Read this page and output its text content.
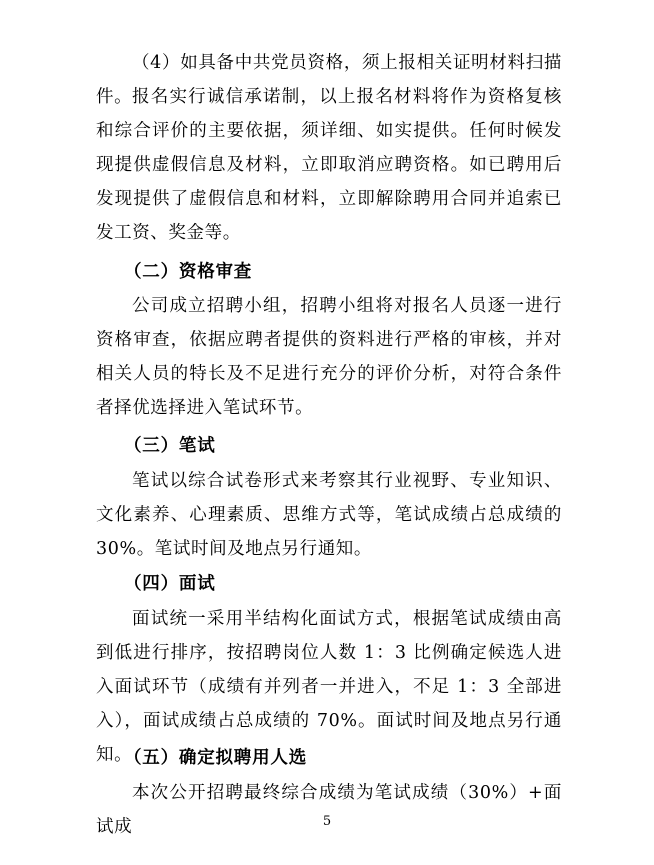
（4）如具备中共党员资格，须上报相关证明材料扫描件。 报名实行诚信承诺制，以上报名材料将作为资格复核和综合评价的主要依据，须详细、如实提供。任何时候发现提供虚假信息及材料，立即取消应聘资格。如已聘用后发现提供了虚假信息和材料，立即解除聘用合同并追索已发工资、奖金等。

（二）资格审查

公司成立招聘小组，招聘小组将对报名人员逐一进行资格审查，依据应聘者提供的资料进行严格的审核，并对相关人员的特长及不足进行充分的评价分析，对符合条件者择优选择进入笔试环节。

（三）笔试

笔试以综合试卷形式来考察其行业视野、专业知识、文化素养、心理素质、思维方式等，笔试成绩占总成绩的 30%。笔试时间及地点另行通知。

（四）面试

面试统一采用半结构化面试方式，根据笔试成绩由高到低进行排序，按招聘岗位人数 1：3 比例确定候选人进入面试环节（成绩有并列者一并进入，不足 1：3 全部进入），面试成绩占总成绩的 70%。面试时间及地点另行通知。

（五）确定拟聘用人选

本次公开招聘最终综合成绩为笔试成绩（30%）+面试成	5
